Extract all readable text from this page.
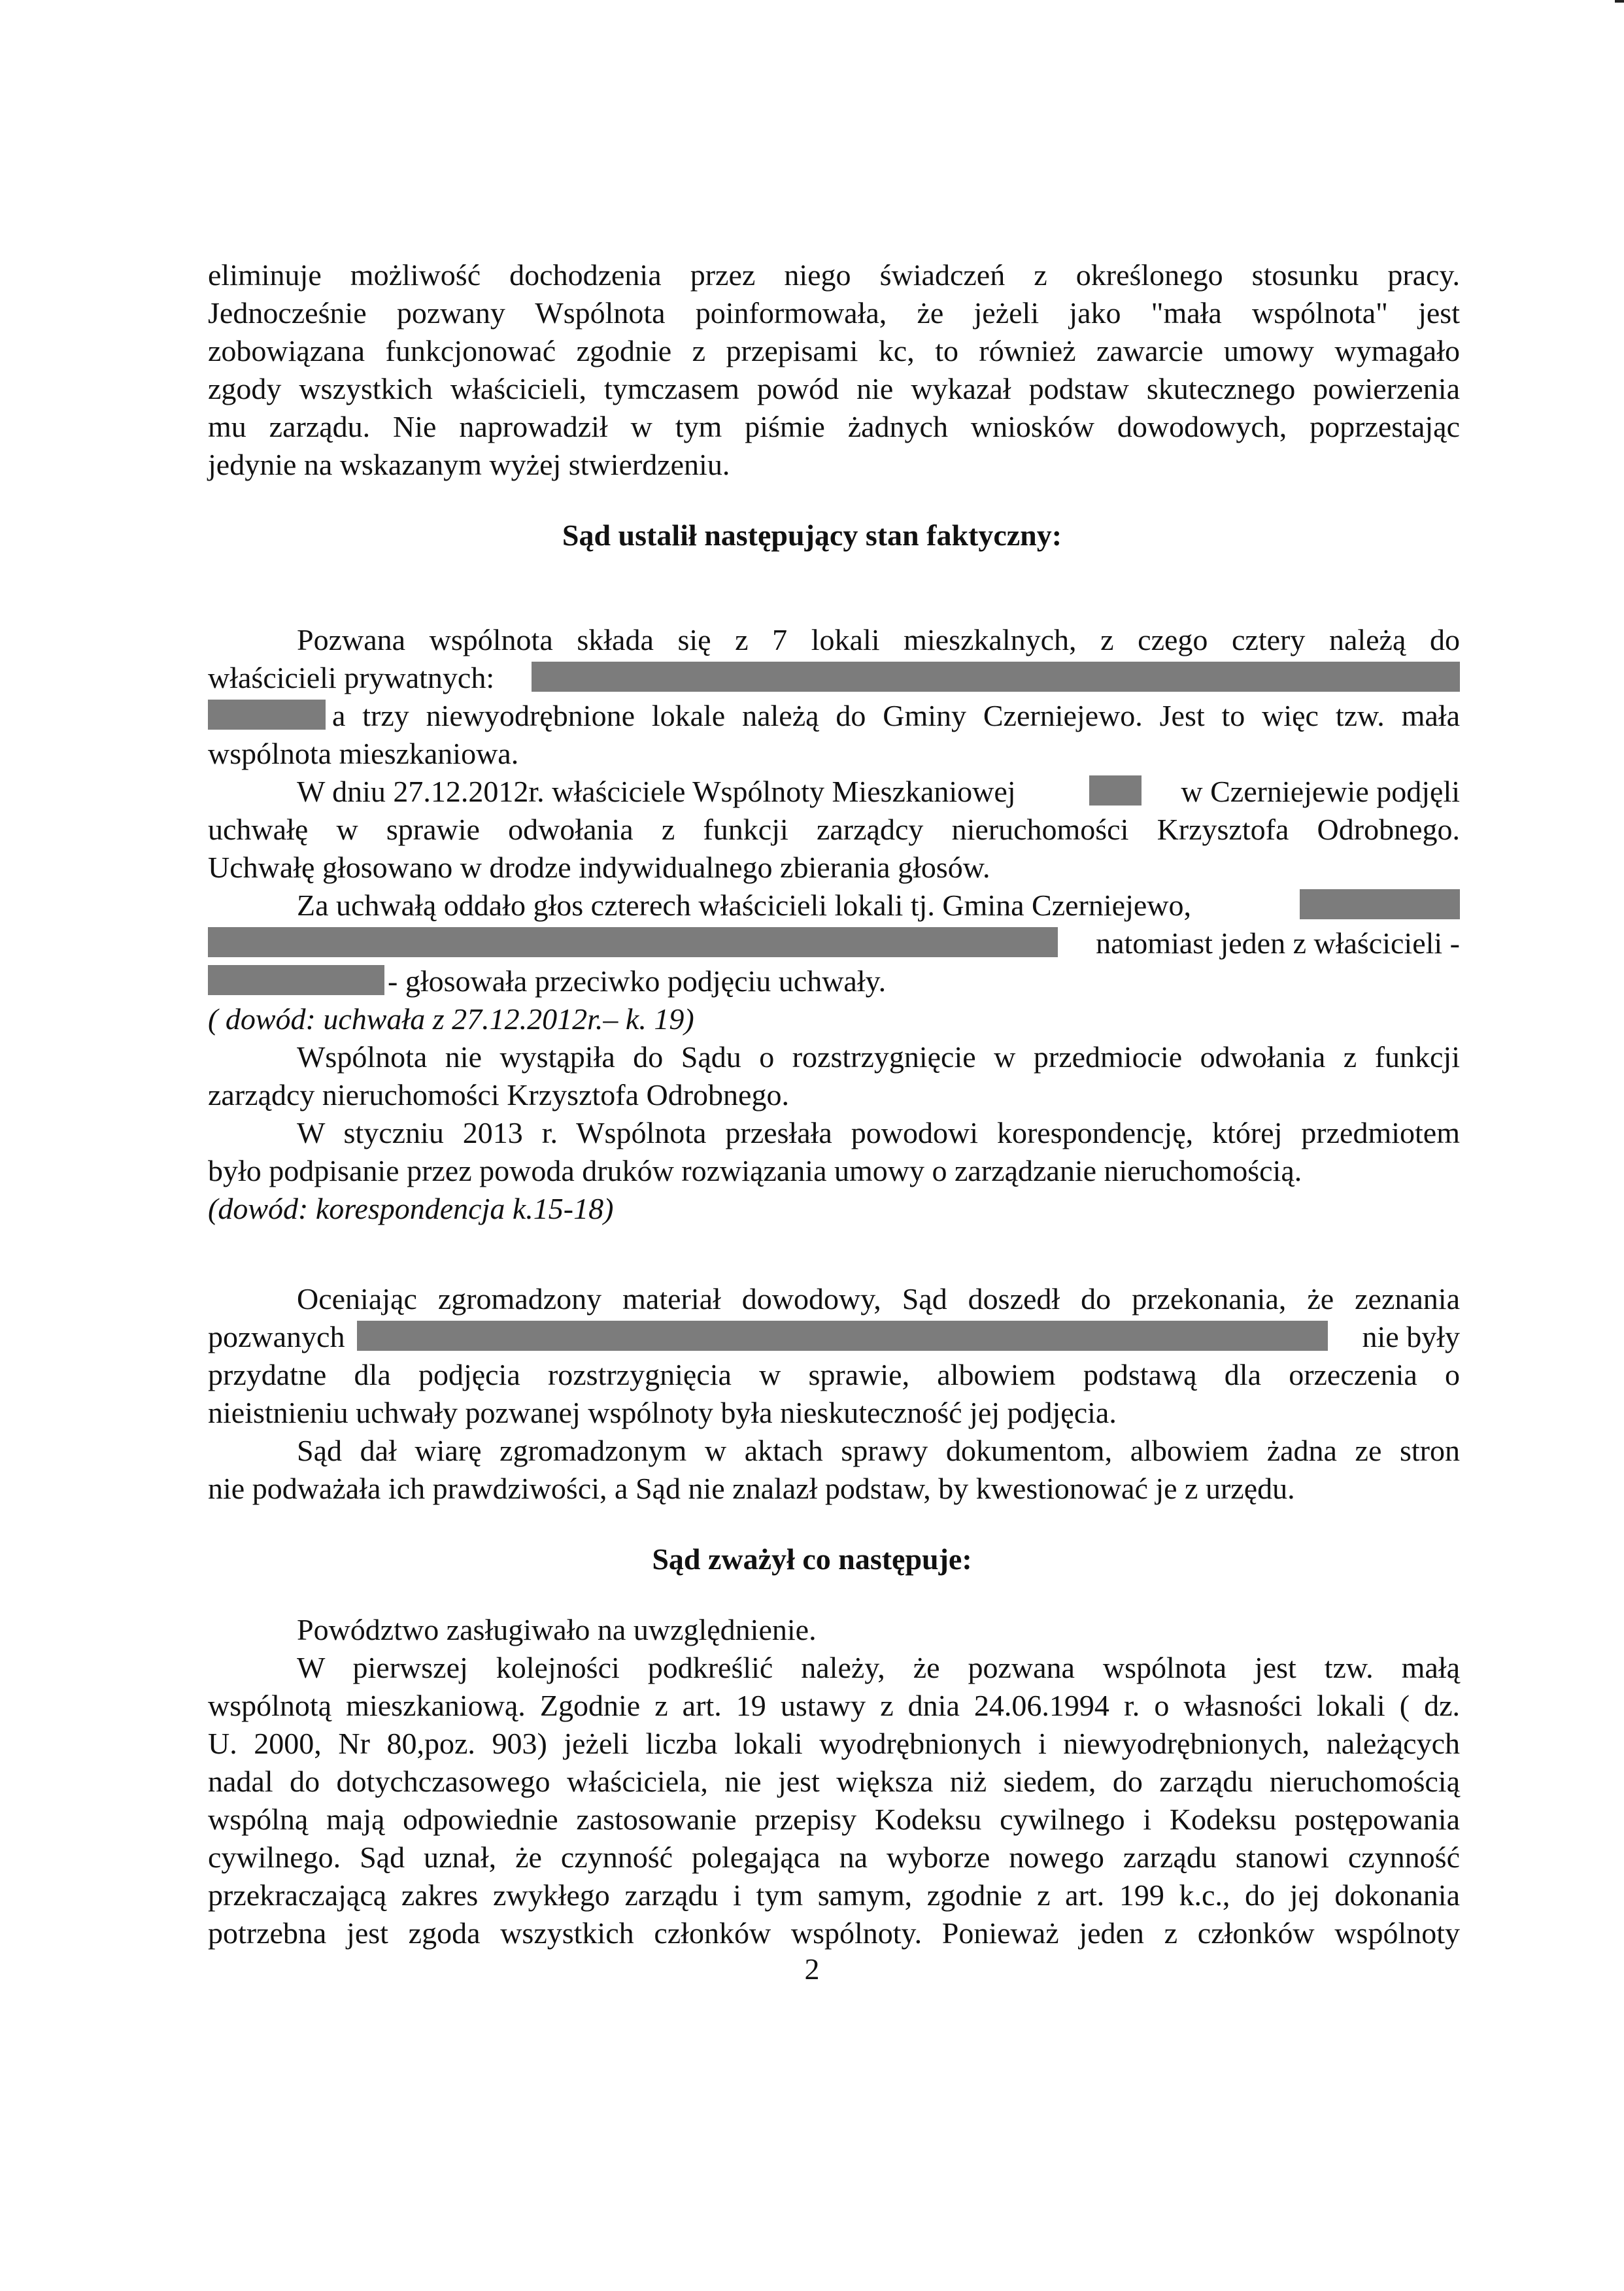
eliminuje możliwość dochodzenia przez niego świadczeń z określonego stosunku pracy.
Jednocześnie pozwany Wspólnota poinformowała, że jeżeli jako "mała wspólnota" jest
zobowiązana funkcjonować zgodnie z przepisami kc, to również zawarcie umowy wymagało
zgody wszystkich właścicieli, tymczasem powód nie wykazał podstaw skutecznego powierzenia
mu zarządu. Nie naprowadził w tym piśmie żadnych wniosków dowodowych, poprzestając
jedynie na wskazanym wyżej stwierdzeniu.
Sąd ustalił następujący stan faktyczny:
Pozwana wspólnota składa się z 7 lokali mieszkalnych, z czego cztery należą do
właścicieli prywatnych:
a trzy niewyodrębnione lokale należą do Gminy Czerniejewo. Jest to więc tzw. mała
wspólnota mieszkaniowa.
W dniu 27.12.2012r. właściciele Wspólnoty Mieszkaniowej	w Czerniejewie podjęli
uchwałę w sprawie odwołania z funkcji zarządcy nieruchomości Krzysztofa Odrobnego.
Uchwałę głosowano w drodze indywidualnego zbierania głosów.
Za uchwałą oddało głos czterech właścicieli lokali tj. Gmina Czerniejewo,
natomiast jeden z właścicieli -
- głosowała przeciwko podjęciu uchwały.
( dowód: uchwała z 27.12.2012r.– k. 19)
Wspólnota nie wystąpiła do Sądu o rozstrzygnięcie w przedmiocie odwołania z funkcji
zarządcy nieruchomości Krzysztofa Odrobnego.
W styczniu 2013 r. Wspólnota przesłała powodowi korespondencję, której przedmiotem
było podpisanie przez powoda druków rozwiązania umowy o zarządzanie nieruchomością.
(dowód: korespondencja k.15-18)
Oceniając zgromadzony materiał dowodowy, Sąd doszedł do przekonania, że zeznania
pozwanych	nie były
przydatne dla podjęcia rozstrzygnięcia w sprawie, albowiem podstawą dla orzeczenia o
nieistnieniu uchwały pozwanej wspólnoty była nieskuteczność jej podjęcia.
Sąd dał wiarę zgromadzonym w aktach sprawy dokumentom, albowiem żadna ze stron
nie podważała ich prawdziwości, a Sąd nie znalazł podstaw, by kwestionować je z urzędu.
Sąd zważył co następuje:
Powództwo zasługiwało na uwzględnienie.
W pierwszej kolejności podkreślić należy, że pozwana wspólnota jest tzw. małą
wspólnotą mieszkaniową. Zgodnie z art. 19 ustawy z dnia 24.06.1994 r. o własności lokali ( dz.
U. 2000, Nr 80,poz. 903) jeżeli liczba lokali wyodrębnionych i niewyodrębnionych, należących
nadal do dotychczasowego właściciela, nie jest większa niż siedem, do zarządu nieruchomością
wspólną mają odpowiednie zastosowanie przepisy Kodeksu cywilnego i Kodeksu postępowania
cywilnego. Sąd uznał, że czynność polegająca na wyborze nowego zarządu stanowi czynność
przekraczającą zakres zwykłego zarządu i tym samym, zgodnie z art. 199 k.c., do jej dokonania
potrzebna jest zgoda wszystkich członków wspólnoty. Ponieważ jeden z członków wspólnoty
2
